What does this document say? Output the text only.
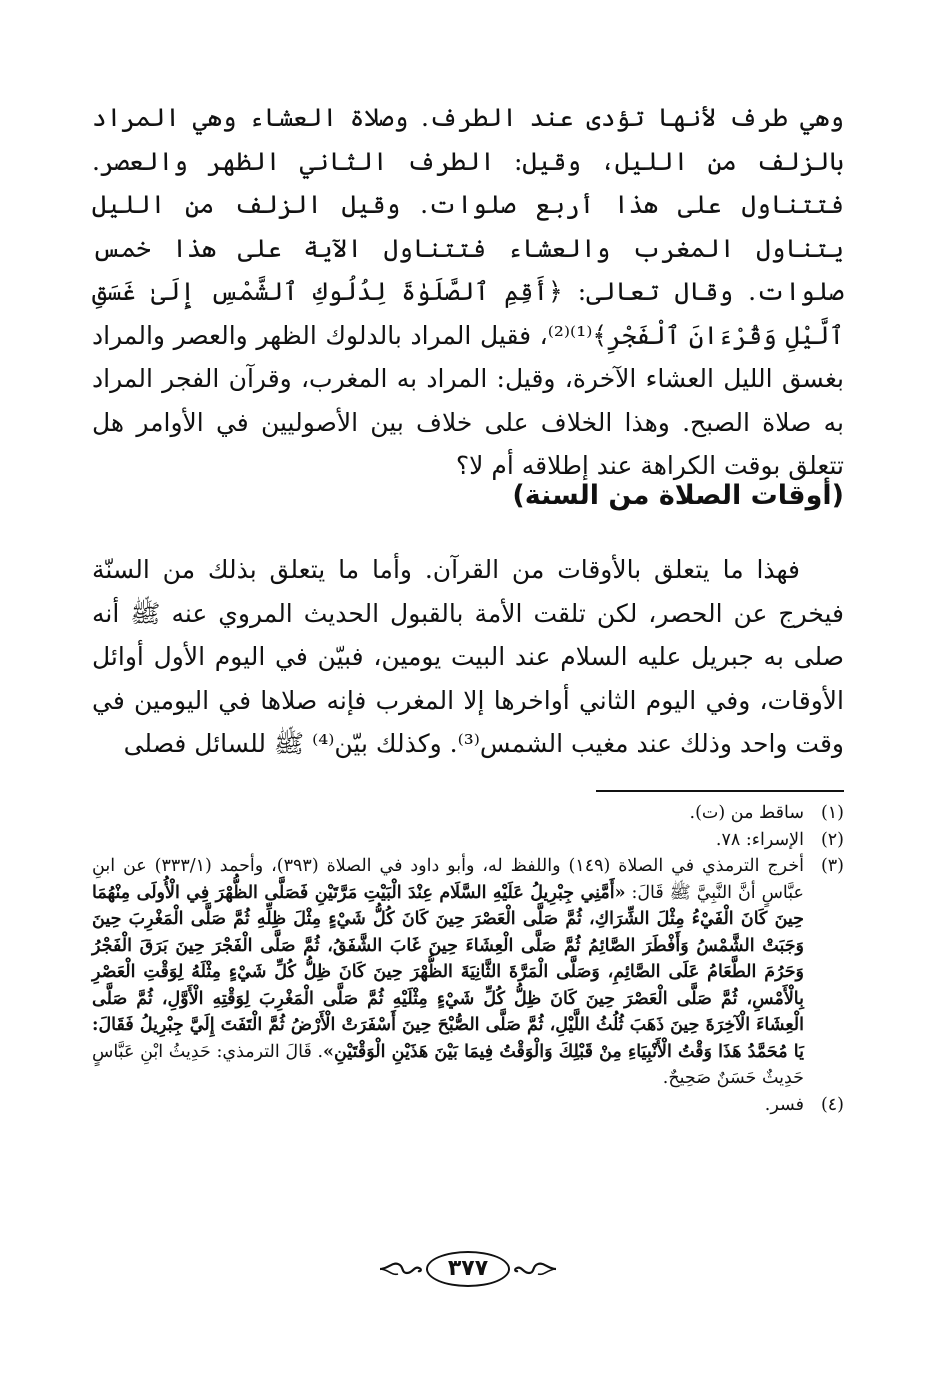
وهي طرف لأنها تؤدى عند الطرف. وصلاة العشاء وهي المراد بالزلف من الليل، وقيل: الطرف الثاني الظهر والعصر. فتتناول على هذا أربع صلوات. وقيل الزلف من الليل يتناول المغرب والعشاء فتتناول الآية على هذا خمس صلوات. وقال تعالى: ﴿أَقِمِ ٱلصَّلَوٰةَ لِدُلُوكِ ٱلشَّمْسِ إِلَىٰ غَسَقِ ٱلَّيْلِ وَقُرْءَانَ ٱلْفَجْرِ﴾⁽¹⁾⁽²⁾، فقيل المراد بالدلوك الظهر والعصر والمراد بغسق الليل العشاء الآخرة، وقيل: المراد به المغرب، وقرآن الفجر المراد به صلاة الصبح. وهذا الخلاف على خلاف بين الأصوليين في الأوامر هل تتعلق بوقت الكراهة عند إطلاقه أم لا؟

(أوقات الصلاة من السنة)

فهذا ما يتعلق بالأوقات من القرآن. وأما ما يتعلق بذلك من السنّة فيخرج عن الحصر، لكن تلقت الأمة بالقبول الحديث المروي عنه ﷺ أنه صلى به جبريل عليه السلام عند البيت يومين، فبيّن في اليوم الأول أوائل الأوقات، وفي اليوم الثاني أواخرها إلا المغرب فإنه صلاها في اليومين في وقت واحد وذلك عند مغيب الشمس⁽³⁾. وكذلك بيّن⁽⁴⁾ ﷺ للسائل فصلى

(١)
ساقط من (ت).
(٢)
الإسراء: ٧٨.
(٣)
أخرج الترمذي في الصلاة (١٤٩) واللفظ له، وأبو داود في الصلاة (٣٩٣)، وأحمد (٣٣٣/١) عن ابنِ عبَّاسٍ أنَّ النَّبِيَّ ﷺ قَالَ: «أَمَّنِي جِبْرِيلُ عَلَيْهِ السَّلَام عِنْدَ الْبَيْتِ مَرَّتَيْنِ فَصَلَّى الظُّهْرَ فِي الْأُولَى مِنْهُمَا حِينَ كَانَ الْفَيْءُ مِثْلَ الشِّرَاكِ، ثُمَّ صَلَّى الْعَصْرَ حِينَ كَانَ كُلُّ شَيْءٍ مِثْلَ ظِلِّهِ ثُمَّ صَلَّى الْمَغْرِبَ حِينَ وَجَبَتْ الشَّمْسُ وَأَفْطَرَ الصَّائِمُ ثُمَّ صَلَّى الْعِشَاءَ حِينَ غَابَ الشَّفَقُ، ثُمَّ صَلَّى الْفَجْرَ حِينَ بَرَقَ الْفَجْرُ وَحَرُمَ الطَّعَامُ عَلَى الصَّائِمِ، وَصَلَّى الْمَرَّةَ الثَّانِيَةَ الظُّهْرَ حِينَ كَانَ ظِلُّ كُلِّ شَيْءٍ مِثْلَهُ لِوَقْتِ الْعَصْرِ بِالْأَمْسِ، ثُمَّ صَلَّى الْعَصْرَ حِينَ كَانَ ظِلُّ كُلِّ شَيْءٍ مِثْلَيْهِ ثُمَّ صَلَّى الْمَغْرِبَ لِوَقْتِهِ الْأَوَّلِ، ثُمَّ صَلَّى الْعِشَاءَ الْآخِرَةَ حِينَ ذَهَبَ ثُلُثُ اللَّيْلِ، ثُمَّ صَلَّى الصُّبْحَ حِينَ أَسْفَرَتْ الْأَرْضُ ثُمَّ الْتَفَتَ إِلَيَّ جِبْرِيلُ فَقَالَ: يَا مُحَمَّدُ هَذَا وَقْتُ الْأَنْبِيَاءِ مِنْ قَبْلِكَ وَالْوَقْتُ فِيمَا بَيْنَ هَذَيْنِ الْوَقْتَيْنِ». قَالَ الترمذي: حَدِيثُ ابْنِ عَبَّاسٍ حَدِيثٌ حَسَنٌ صَحِيحٌ.
(٤)
فسر.
٣٧٧
